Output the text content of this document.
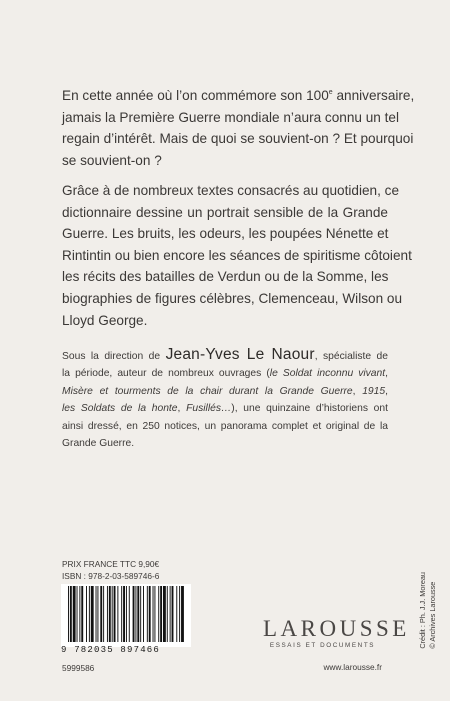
En cette année où l’on commémore son 100e anniversaire,
jamais la Première Guerre mondiale n’aura connu un tel
regain d’intérêt. Mais de quoi se souvient-on ? Et pourquoi
se souvient-on ?
Grâce à de nombreux textes consacrés au quotidien, ce
dictionnaire dessine un portrait sensible de la Grande
Guerre. Les bruits, les odeurs, les poupées Nénette et
Rintintin ou bien encore les séances de spiritisme côtoient
les récits des batailles de Verdun ou de la Somme, les
biographies de figures célèbres, Clemenceau, Wilson ou
Lloyd George.
Sous la direction de Jean-Yves Le Naour, spécialiste de
la période, auteur de nombreux ouvrages (le Soldat inconnu vivant,
Misère et tourments de la chair durant la Grande Guerre, 1915,
les Soldats de la honte, Fusillés…), une quinzaine d’historiens ont
ainsi dressé, en 250 notices, un panorama complet et original de la
Grande Guerre.
PRIX FRANCE TTC 9,90€
ISBN : 978-2-03-589746-6
9 782035 897466
5999586
LAROUSSE
ESSAIS ET DOCUMENTS
www.larousse.fr
Crédit : Ph. J.J. Moreau © Archives Larousse
